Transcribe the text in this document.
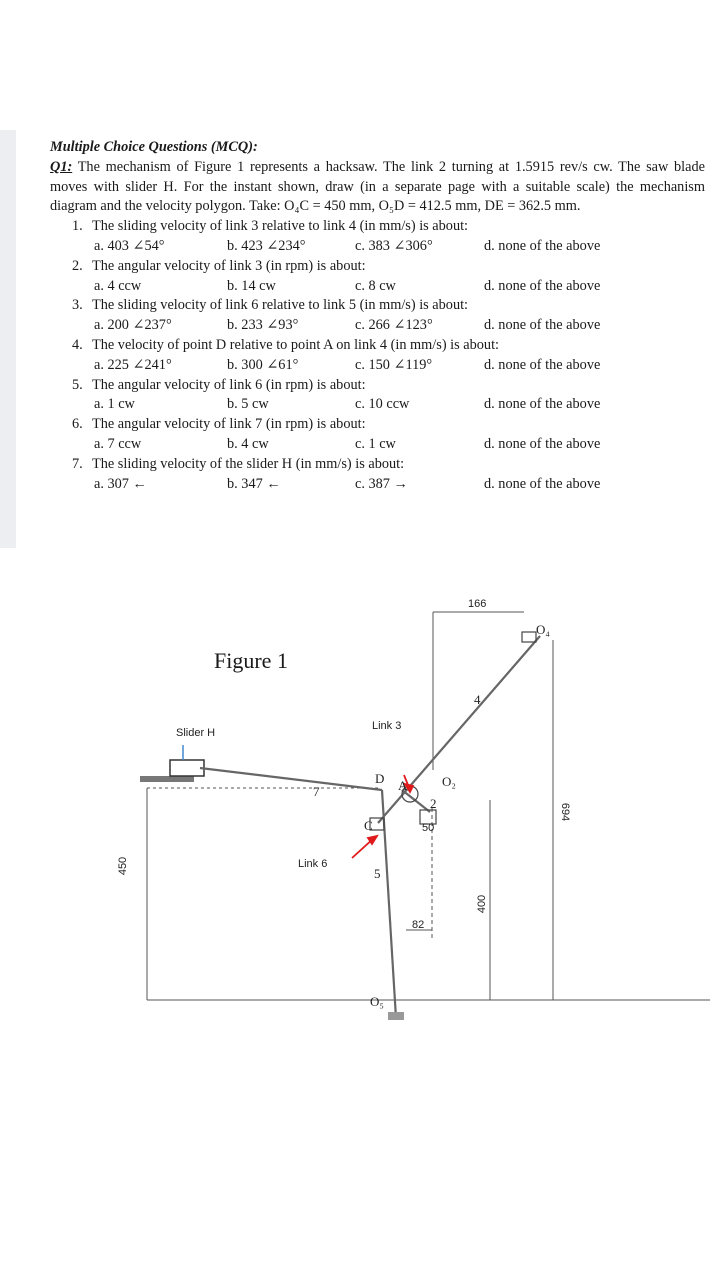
Multiple Choice Questions (MCQ):

Q1: The mechanism of Figure 1 represents a hacksaw. The link 2 turning at 1.5915 rev/s cw. The saw blade moves with slider H. For the instant shown, draw (in a separate page with a suitable scale) the mechanism diagram and the velocity polygon. Take: O₄C = 450 mm, O₅D = 412.5 mm, DE = 362.5 mm.

1. The sliding velocity of link 3 relative to link 4 (in mm/s) is about:
a. 403 ∠54°	b. 423 ∠234°	c. 383 ∠306°	d. none of the above
2. The angular velocity of link 3 (in rpm) is about:
a. 4 ccw	b. 14 cw	c. 8 cw	d. none of the above
3. The sliding velocity of link 6 relative to link 5 (in mm/s) is about:
a. 200 ∠237°	b. 233 ∠93°	c. 266 ∠123°	d. none of the above
4. The velocity of point D relative to point A on link 4 (in mm/s) is about:
a. 225 ∠241°	b. 300 ∠61°	c. 150 ∠119°	d. none of the above
5. The angular velocity of link 6 (in rpm) is about:
a. 1 cw	b. 5 cw	c. 10 ccw	d. none of the above
6. The angular velocity of link 7 (in rpm) is about:
a. 7 ccw	b. 4 cw	c. 1 cw	d. none of the above
7. The sliding velocity of the slider H (in mm/s) is about:
a. 307 ←	b. 347 ←	c. 387 →	d. none of the above
Figure 1
Slider H
Link 3
Link 6
4
7
5
2
D A
C
O₂
O₄
O₅
166
694
450
400
50
82
